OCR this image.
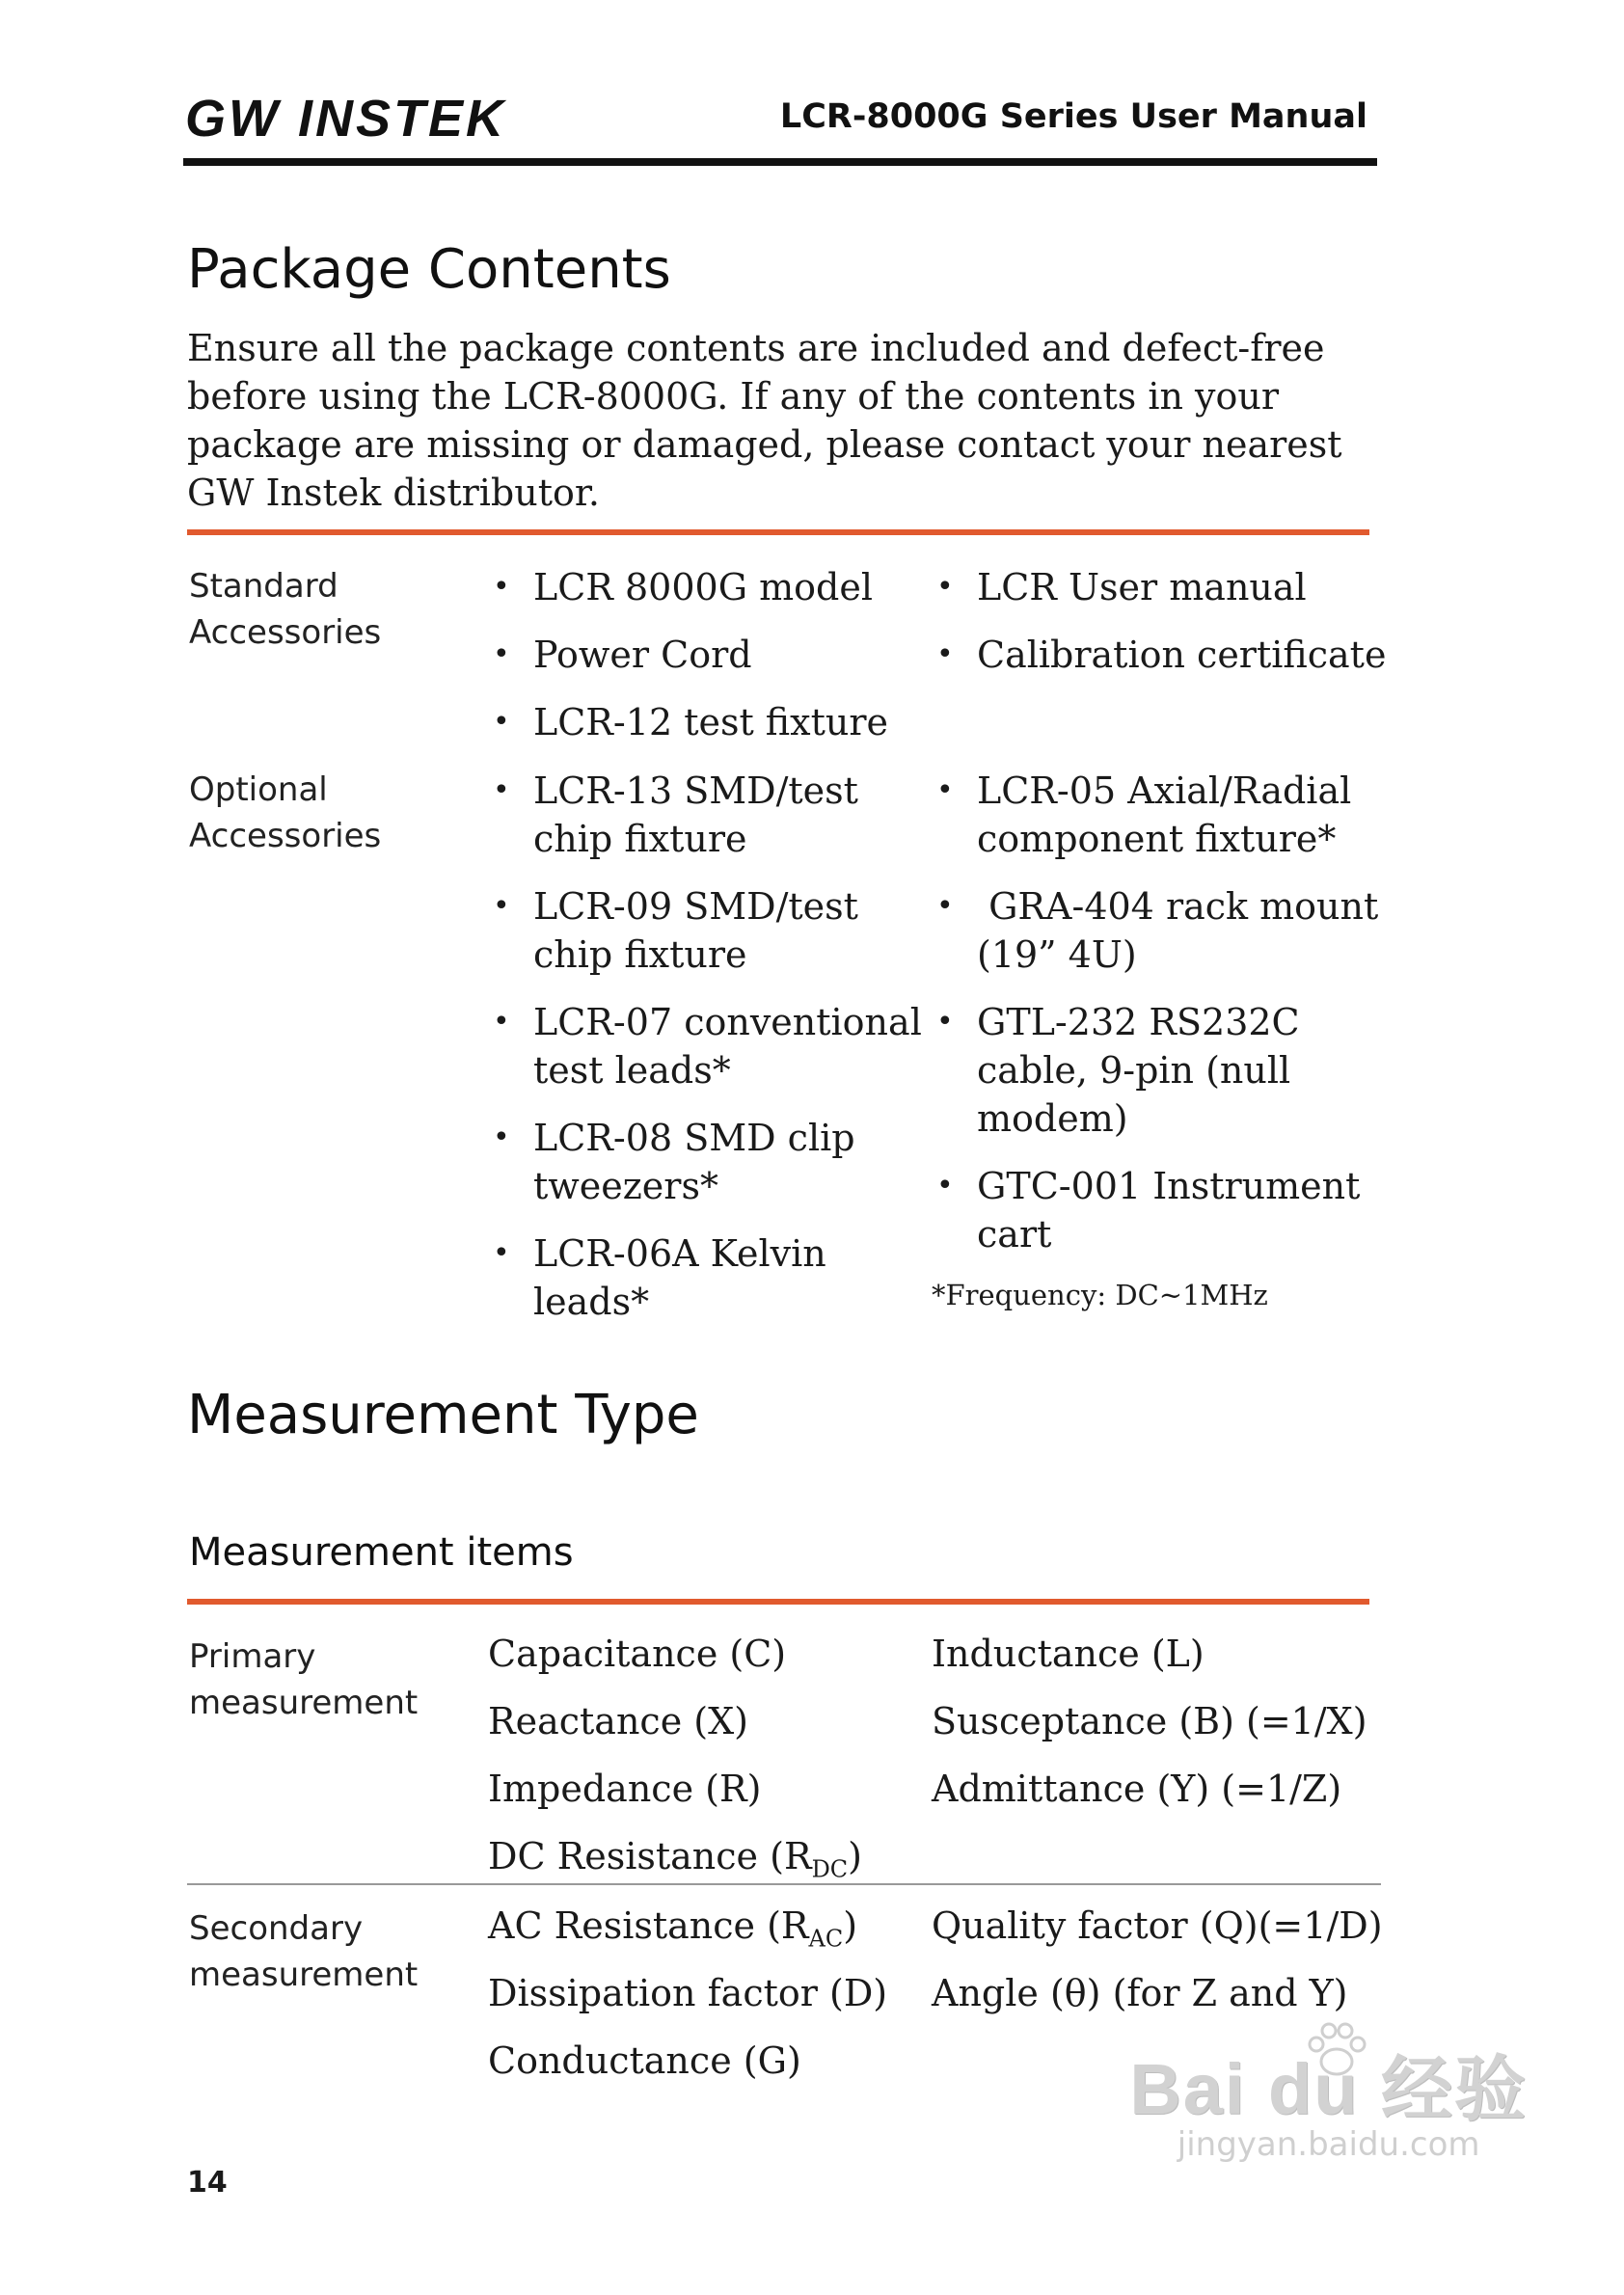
GW INSTEK	LCR-8000G Series User Manual
Package Contents
Ensure all the package contents are included and defect-free before using the LCR-8000G. If any of the contents in your package are missing or damaged, please contact your nearest GW Instek distributor.
Standard
Accessories
• LCR 8000G model
• Power Cord
• LCR-12 test fixture
• LCR User manual
• Calibration certificate
Optional
Accessories
• LCR-13 SMD/test
chip fixture
• LCR-09 SMD/test
chip fixture
• LCR-07 conventional
test leads*
• LCR-08 SMD clip
tweezers*
• LCR-06A Kelvin
leads*
• LCR-05 Axial/Radial
component fixture*
• GRA-404 rack mount
(19” 4U)
• GTL-232 RS232C
cable, 9-pin (null
modem)
• GTC-001 Instrument
cart
*Frequency: DC~1MHz
Measurement Type
Measurement items
Primary
measurement
Capacitance (C)
Reactance (X)
Impedance (R)
DC Resistance $(R_{DC})$
Inductance (L)
Susceptance (B) (=1/X)
Admittance (Y) (=1/Z)
Secondary
measurement
AC Resistance $(R_{AC})$
Dissipation factor (D)
Conductance (G)
Quality factor (Q)(=1/D)
Angle (θ) (for Z and Y)
14
Bai du 经验
jingyan.baidu.com
